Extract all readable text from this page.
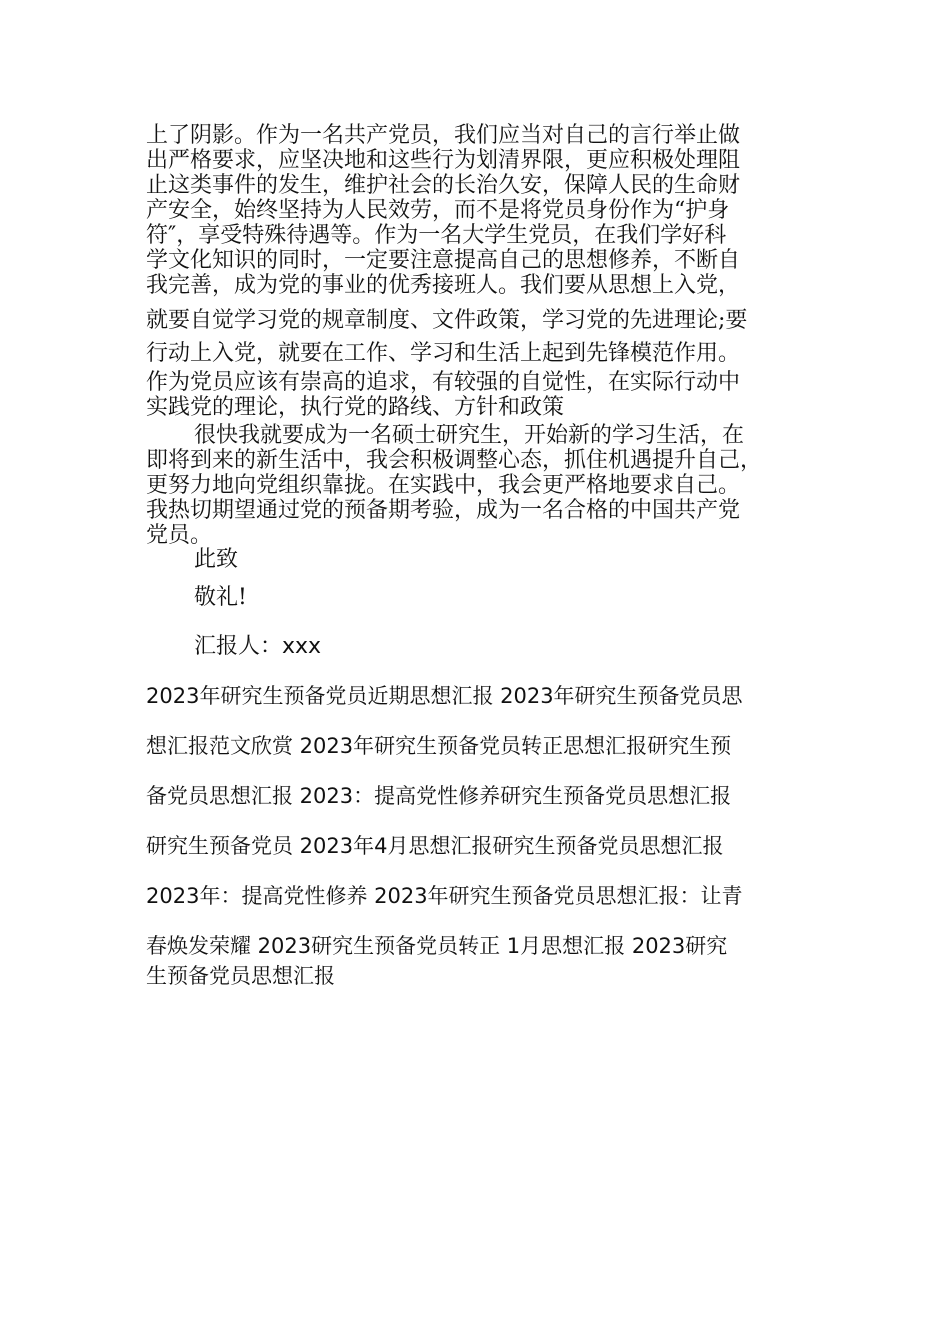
上了阴影。作为一名共产党员，我们应当对自己的言行举止做
出严格要求，应坚决地和这些行为划清界限，更应积极处理阻
止这类事件的发生，维护社会的长治久安，保障人民的生命财
产安全，始终坚持为人民效劳，而不是将党员身份作为“护身
符″，享受特殊待遇等。作为一名大学生党员，在我们学好科
学文化知识的同时，一定要注意提高自己的思想修养，不断自
我完善，成为党的事业的优秀接班人。我们要从思想上入党，
就要自觉学习党的规章制度、文件政策，学习党的先进理论;要
行动上入党，就要在工作、学习和生活上起到先锋模范作用。
作为党员应该有崇高的追求，有较强的自觉性，在实际行动中
实践党的理论，执行党的路线、方针和政策
很快我就要成为一名硕士研究生，开始新的学习生活，在
即将到来的新生活中，我会积极调整心态，抓住机遇提升自己，
更努力地向党组织靠拢。在实践中，我会更严格地要求自己。
我热切期望通过党的预备期考验，成为一名合格的中国共产党
党员。
此致
敬礼!
汇报人：xxx
2023年研究生预备党员近期思想汇报 2023年研究生预备党员思
想汇报范文欣赏 2023年研究生预备党员转正思想汇报研究生预
备党员思想汇报 2023：提高党性修养研究生预备党员思想汇报
研究生预备党员 2023年4月思想汇报研究生预备党员思想汇报
2023年：提高党性修养 2023年研究生预备党员思想汇报：让青
春焕发荣耀 2023研究生预备党员转正 1月思想汇报 2023研究
生预备党员思想汇报
